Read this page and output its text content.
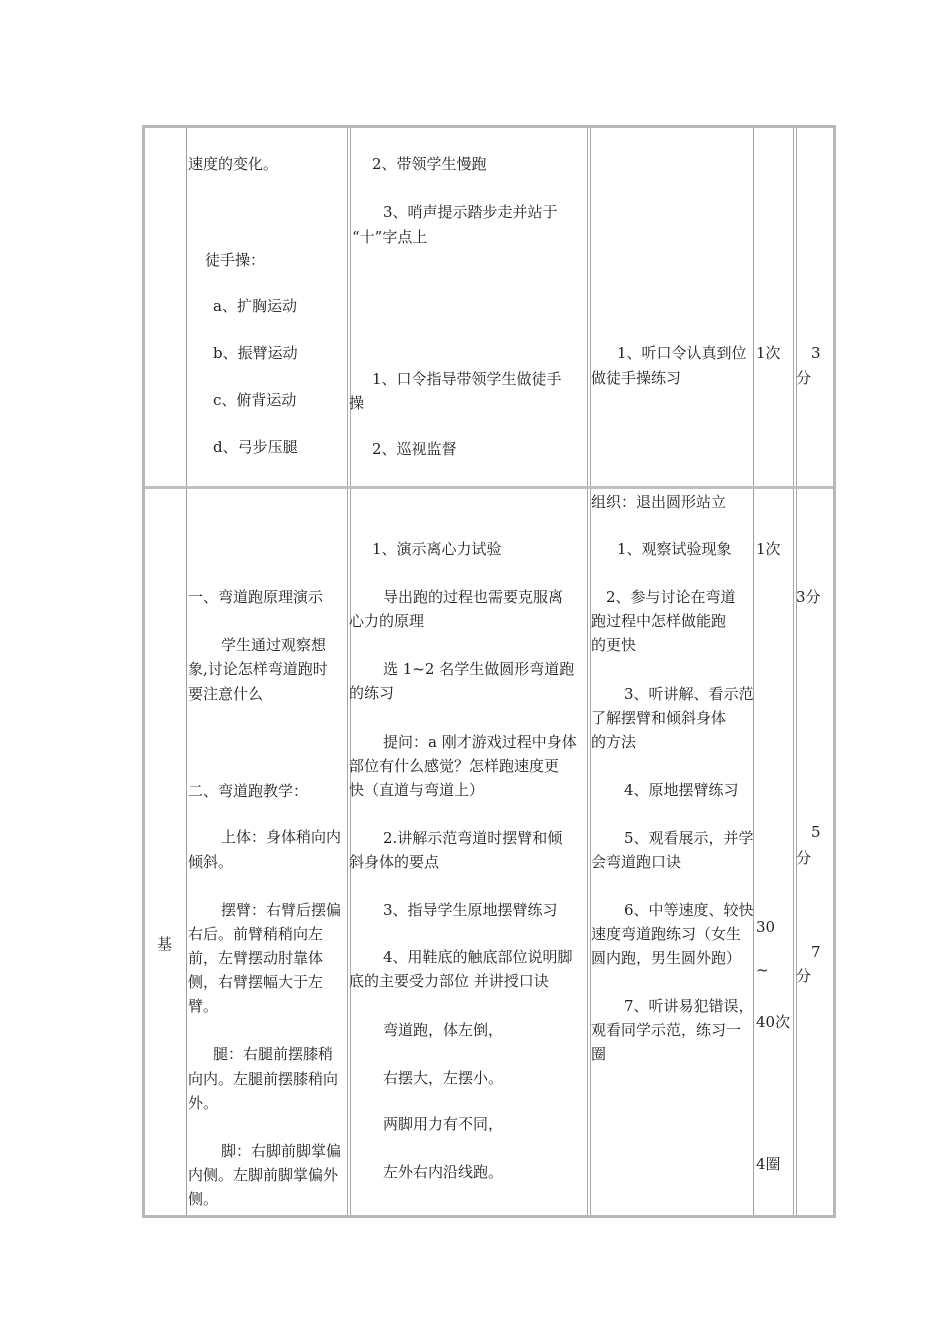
速度的变化。
徒手操：
a、扩胸运动
b、振臂运动
c、俯背运动
d、弓步压腿
2、带领学生慢跑
3、哨声提示踏步走并站于
“十”字点上
1、口令指导带领学生做徒手
操
2、巡视监督
1、听口令认真到位
做徒手操练习
1次 3
分
基
一、弯道跑原理演示
学生通过观察想
象,讨论怎样弯道跑时
要注意什么
二、弯道跑教学：
上体：身体稍向内
倾斜。
摆臂：右臂后摆偏
右后。前臂稍稍向左
前，左臂摆动肘靠体
侧，右臂摆幅大于左
臂。
腿：右腿前摆膝稍
向内。左腿前摆膝稍向
外。
脚：右脚前脚掌偏
内侧。左脚前脚掌偏外
侧。
1、演示离心力试验
导出跑的过程也需要克服离
心力的原理
选 1~2 名学生做圆形弯道跑
的练习
提问：a 刚才游戏过程中身体
部位有什么感觉？怎样跑速度更
快（直道与弯道上）
2.讲解示范弯道时摆臂和倾
斜身体的要点
3、指导学生原地摆臂练习
4、用鞋底的触底部位说明脚
底的主要受力部位 并讲授口诀
弯道跑，体左倒，
右摆大，左摆小。
两脚用力有不同，
左外右内沿线跑。
组织：退出圆形站立
1、观察试验现象
2、参与讨论在弯道
跑过程中怎样做能跑
的更快
3、听讲解、看示范
了解摆臂和倾斜身体
的方法
4、原地摆臂练习
5、观看展示，并学
会弯道跑口诀
6、中等速度、较快
速度弯道跑练习（女生
圆内跑，男生圆外跑）
7、听讲易犯错误，
观看同学示范，练习一
圈
1次
30
~
40次
4圈
3分
5
分
7
分
